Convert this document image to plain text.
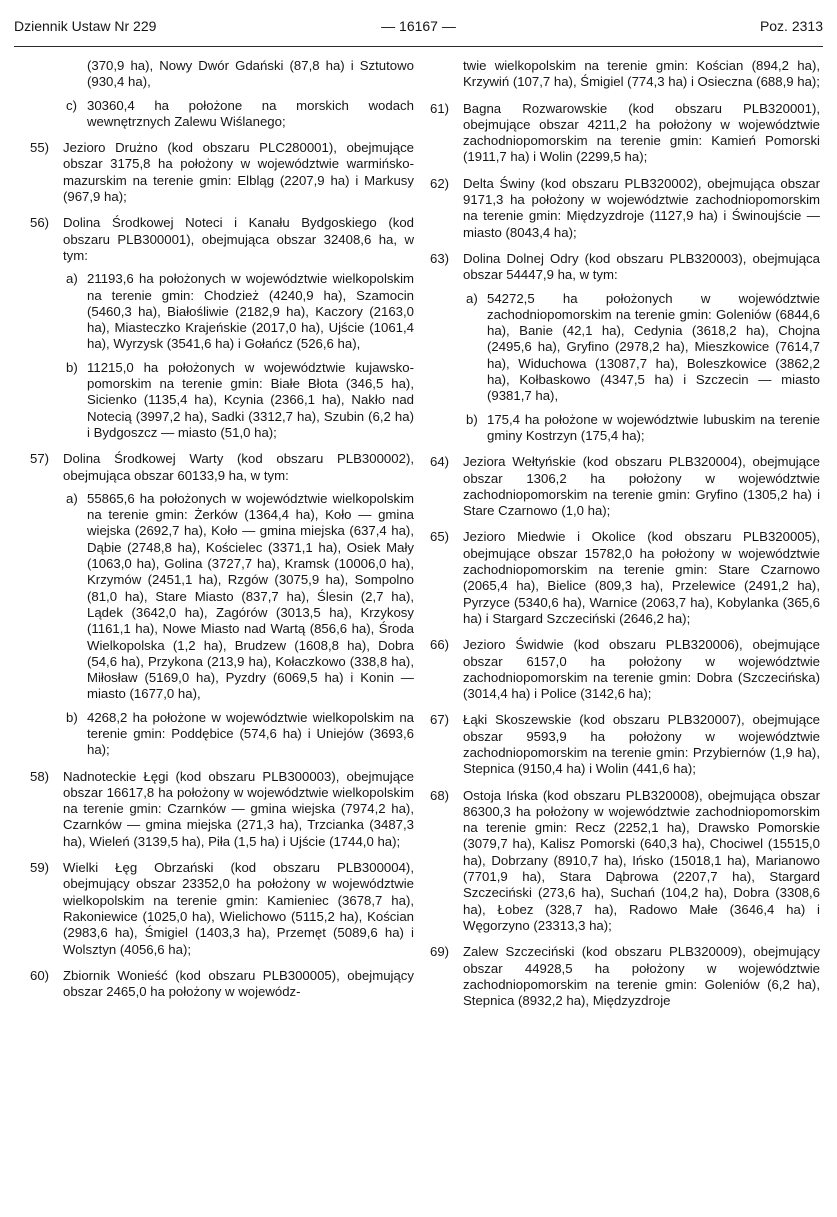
— 16167 —
Dziennik Ustaw Nr 229	Poz. 2313

(370,9 ha), Nowy Dwór Gdański (87,8 ha) i Sztutowo (930,4 ha),

c) 30360,4 ha położone na morskich wodach wewnętrznych Zalewu Wiślanego;

55) Jezioro Drużno (kod obszaru PLC280001), obejmujące obszar 3175,8 ha położony w województwie warmińsko-mazurskim na terenie gmin: Elbląg (2207,9 ha) i Markusy (967,9 ha);

56) Dolina Środkowej Noteci i Kanału Bydgoskiego (kod obszaru PLB300001), obejmująca obszar 32408,6 ha, w tym:

a) 21193,6 ha położonych w województwie wielkopolskim na terenie gmin: Chodzież (4240,9 ha), Szamocin (5460,3 ha), Białośliwie (2182,9 ha), Kaczory (2163,0 ha), Miasteczko Krajeńskie (2017,0 ha), Ujście (1061,4 ha), Wyrzysk (3541,6 ha) i Gołańcz (526,6 ha),

b) 11215,0 ha położonych w województwie kujawsko-pomorskim na terenie gmin: Białe Błota (346,5 ha), Sicienko (1135,4 ha), Kcynia (2366,1 ha), Nakło nad Notecią (3997,2 ha), Sadki (3312,7 ha), Szubin (6,2 ha) i Bydgoszcz — miasto (51,0 ha);

57) Dolina Środkowej Warty (kod obszaru PLB300002), obejmująca obszar 60133,9 ha, w tym:

a) 55865,6 ha położonych w województwie wielkopolskim na terenie gmin: Żerków (1364,4 ha), Koło — gmina wiejska (2692,7 ha), Koło — gmina miejska (637,4 ha), Dąbie (2748,8 ha), Kościelec (3371,1 ha), Osiek Mały (1063,0 ha), Golina (3727,7 ha), Kramsk (10006,0 ha), Krzymów (2451,1 ha), Rzgów (3075,9 ha), Sompolno (81,0 ha), Stare Miasto (837,7 ha), Ślesin (2,7 ha), Lądek (3642,0 ha), Zagórów (3013,5 ha), Krzykosy (1161,1 ha), Nowe Miasto nad Wartą (856,6 ha), Środa Wielkopolska (1,2 ha), Brudzew (1608,8 ha), Dobra (54,6 ha), Przykona (213,9 ha), Kołaczkowo (338,8 ha), Miłosław (5169,0 ha), Pyzdry (6069,5 ha) i Konin — miasto (1677,0 ha),

b) 4268,2 ha położone w województwie wielkopolskim na terenie gmin: Poddębice (574,6 ha) i Uniejów (3693,6 ha);

58) Nadnoteckie Łęgi (kod obszaru PLB300003), obejmujące obszar 16617,8 ha położony w województwie wielkopolskim na terenie gmin: Czarnków — gmina wiejska (7974,2 ha), Czarnków — gmina miejska (271,3 ha), Trzcianka (3487,3 ha), Wieleń (3139,5 ha), Piła (1,5 ha) i Ujście (1744,0 ha);

59) Wielki Łęg Obrzański (kod obszaru PLB300004), obejmujący obszar 23352,0 ha położony w województwie wielkopolskim na terenie gmin: Kamieniec (3678,7 ha), Rakoniewice (1025,0 ha), Wielichowo (5115,2 ha), Kościan (2983,6 ha), Śmigiel (1403,3 ha), Przemęt (5089,6 ha) i Wolsztyn (4056,6 ha);

60) Zbiornik Wonieść (kod obszaru PLB300005), obejmujący obszar 2465,0 ha położony w wojewódz-

twie wielkopolskim na terenie gmin: Kościan (894,2 ha), Krzywiń (107,7 ha), Śmigiel (774,3 ha) i Osieczna (688,9 ha);

61) Bagna Rozwarowskie (kod obszaru PLB320001), obejmujące obszar 4211,2 ha położony w województwie zachodniopomorskim na terenie gmin: Kamień Pomorski (1911,7 ha) i Wolin (2299,5 ha);

62) Delta Świny (kod obszaru PLB320002), obejmująca obszar 9171,3 ha położony w województwie zachodniopomorskim na terenie gmin: Międzyzdroje (1127,9 ha) i Świnoujście — miasto (8043,4 ha);

63) Dolina Dolnej Odry (kod obszaru PLB320003), obejmująca obszar 54447,9 ha, w tym:

a) 54272,5 ha położonych w województwie zachodniopomorskim na terenie gmin: Goleniów (6844,6 ha), Banie (42,1 ha), Cedynia (3618,2 ha), Chojna (2495,6 ha), Gryfino (2978,2 ha), Mieszkowice (7614,7 ha), Widuchowa (13087,7 ha), Boleszkowice (3862,2 ha), Kołbaskowo (4347,5 ha) i Szczecin — miasto (9381,7 ha),

b) 175,4 ha położone w województwie lubuskim na terenie gminy Kostrzyn (175,4 ha);

64) Jeziora Wełtyńskie (kod obszaru PLB320004), obejmujące obszar 1306,2 ha położony w województwie zachodniopomorskim na terenie gmin: Gryfino (1305,2 ha) i Stare Czarnowo (1,0 ha);

65) Jezioro Miedwie i Okolice (kod obszaru PLB320005), obejmujące obszar 15782,0 ha położony w województwie zachodniopomorskim na terenie gmin: Stare Czarnowo (2065,4 ha), Bielice (809,3 ha), Przelewice (2491,2 ha), Pyrzyce (5340,6 ha), Warnice (2063,7 ha), Kobylanka (365,6 ha) i Stargard Szczeciński (2646,2 ha);

66) Jezioro Świdwie (kod obszaru PLB320006), obejmujące obszar 6157,0 ha położony w województwie zachodniopomorskim na terenie gmin: Dobra (Szczecińska) (3014,4 ha) i Police (3142,6 ha);

67) Łąki Skoszewskie (kod obszaru PLB320007), obejmujące obszar 9593,9 ha położony w województwie zachodniopomorskim na terenie gmin: Przybiernów (1,9 ha), Stepnica (9150,4 ha) i Wolin (441,6 ha);

68) Ostoja Ińska (kod obszaru PLB320008), obejmująca obszar 86300,3 ha położony w województwie zachodniopomorskim na terenie gmin: Recz (2252,1 ha), Drawsko Pomorskie (3079,7 ha), Kalisz Pomorski (640,3 ha), Chociwel (15515,0 ha), Dobrzany (8910,7 ha), Ińsko (15018,1 ha), Marianowo (7701,9 ha), Stara Dąbrowa (2207,7 ha), Stargard Szczeciński (273,6 ha), Suchań (104,2 ha), Dobra (3308,6 ha), Łobez (328,7 ha), Radowo Małe (3646,4 ha) i Węgorzyno (23313,3 ha);

69) Zalew Szczeciński (kod obszaru PLB320009), obejmujący obszar 44928,5 ha położony w województwie zachodniopomorskim na terenie gmin: Goleniów (6,2 ha), Stepnica (8932,2 ha), Międzyzdroje
